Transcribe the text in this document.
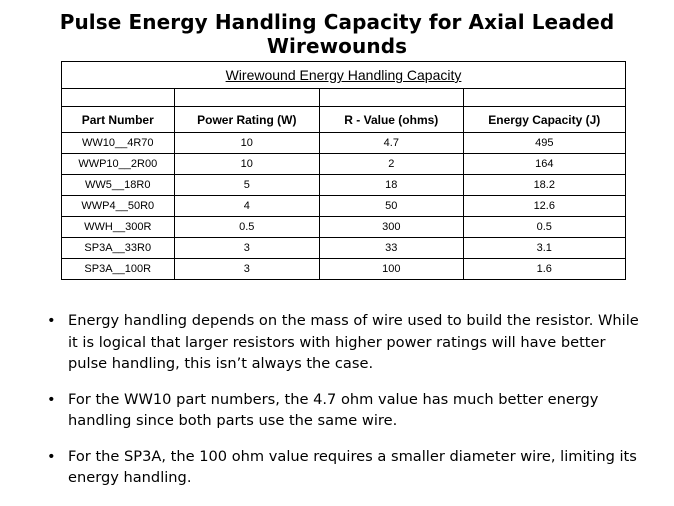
Pulse Energy Handling Capacity for Axial Leaded Wirewounds
Wirewound Energy Handling Capacity			

Part Number	Power Rating (W)	R - Value (ohms)	Energy Capacity (J)
WW10__4R70	10	4.7	495
WWP10__2R00	10	2	164
WW5__18R0	5	18	18.2
WWP4__50R0	4	50	12.6
WWH__300R	0.5	300	0.5
SP3A__33R0	3	33	3.1
SP3A__100R	3	100	1.6
• Energy handling depends on the mass of wire used to build the resistor. While it is logical that larger resistors with higher power ratings will have better pulse handling, this isn’t always the case.
• For the WW10 part numbers, the 4.7 ohm value has much better energy handling since both parts use the same wire.
• For the SP3A, the 100 ohm value requires a smaller diameter wire, limiting its energy handling.
